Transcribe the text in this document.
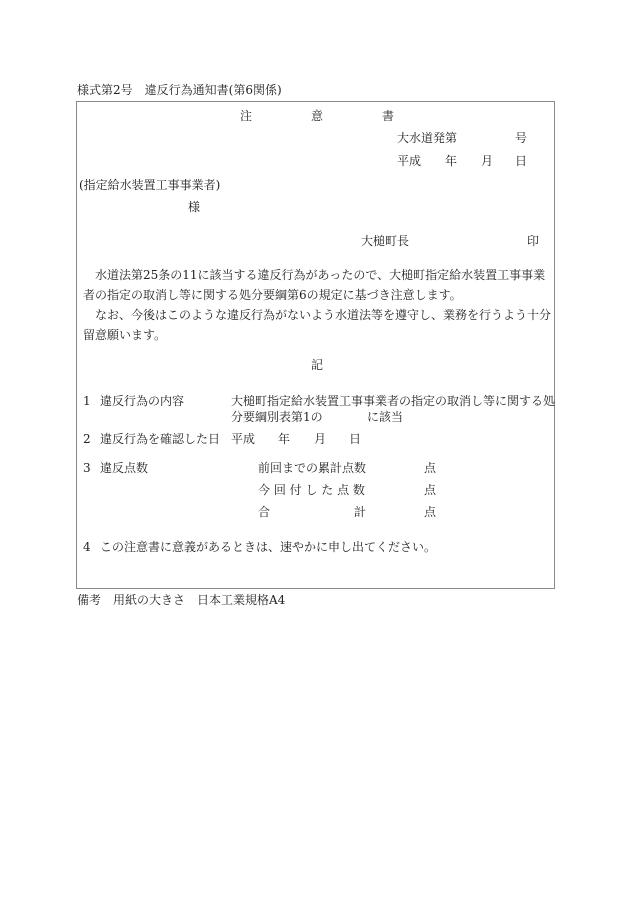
様式第2号　違反行為通知書(第6関係)
注	意	書
大水道発第	号
平成 年 月 日
(指定給水装置工事事業者)
様
大槌町長	印
水道法第25条の11に該当する違反行為があったので、大槌町指定給水装置工事事業者の指定の取消し等に関する処分要綱第6の規定に基づき注意します。
なお、今後はこのような違反行為がないよう水道法等を遵守し、業務を行うよう十分留意願います。
記
1 違反行為の内容	大槌町指定給水装置工事事業者の指定の取消し等に関する処
分要綱別表第1の	に該当
2 違反行為を確認した日 平成 年 月 日
3 違反点数	前回までの累計点数	点
今 回 付 し た 点 数	点
合	計	点
4 この注意書に意義があるときは、速やかに申し出てください。
備考　用紙の大きさ　日本工業規格A4
